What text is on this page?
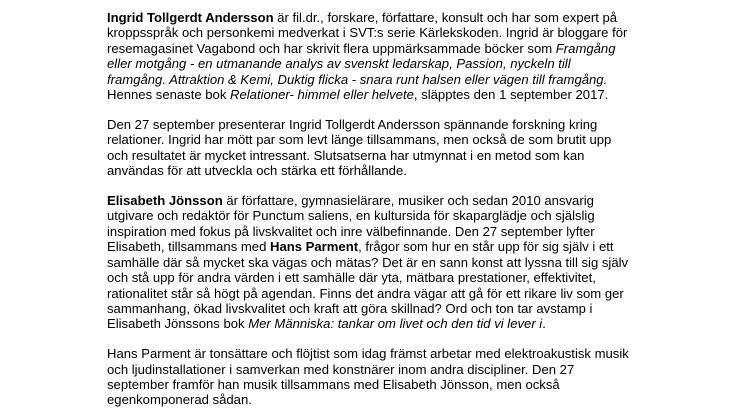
Ingrid Tollgerdt Andersson är fil.dr., forskare, författare, konsult och har som expert på
kroppsspråk och personkemi medverkat i SVT:s serie Kärlekskoden. Ingrid är bloggare för
resemagasinet Vagabond och har skrivit flera uppmärksammade böcker som Framgång
eller motgång - en utmanande analys av svenskt ledarskap, Passion, nyckeln till
framgång. Attraktion & Kemi, Duktig flicka - snara runt halsen eller vägen till framgång.
Hennes senaste bok Relationer- himmel eller helvete, släpptes den 1 september 2017.

Den 27 september presenterar Ingrid Tollgerdt Andersson spännande forskning kring
relationer. Ingrid har mött par som levt länge tillsammans, men också de som brutit upp
och resultatet är mycket intressant. Slutsatserna har utmynnat i en metod som kan
användas för att utveckla och stärka ett förhållande.

Elisabeth Jönsson är författare, gymnasielärare, musiker och sedan 2010 ansvarig
utgivare och redaktör för Punctum saliens, en kultursida för skaparglädje och själslig
inspiration med fokus på livskvalitet och inre välbefinnande. Den 27 september lyfter
Elisabeth, tillsammans med Hans Parment, frågor som hur en står upp för sig själv i ett
samhälle där så mycket ska vägas och mätas? Det är en sann konst att lyssna till sig själv
och stå upp för andra värden i ett samhälle där yta, mätbara prestationer, effektivitet,
rationalitet står så högt på agendan. Finns det andra vägar att gå för ett rikare liv som ger
sammanhang, ökad livskvalitet och kraft att göra skillnad? Ord och ton tar avstamp i
Elisabeth Jönssons bok Mer Människa: tankar om livet och den tid vi lever i.

Hans Parment är tonsättare och flöjtist som idag främst arbetar med elektroakustisk musik
och ljudinstallationer i samverkan med konstnärer inom andra discipliner. Den 27
september framför han musik tillsammans med Elisabeth Jönsson, men också
egenkomponerad sådan.
